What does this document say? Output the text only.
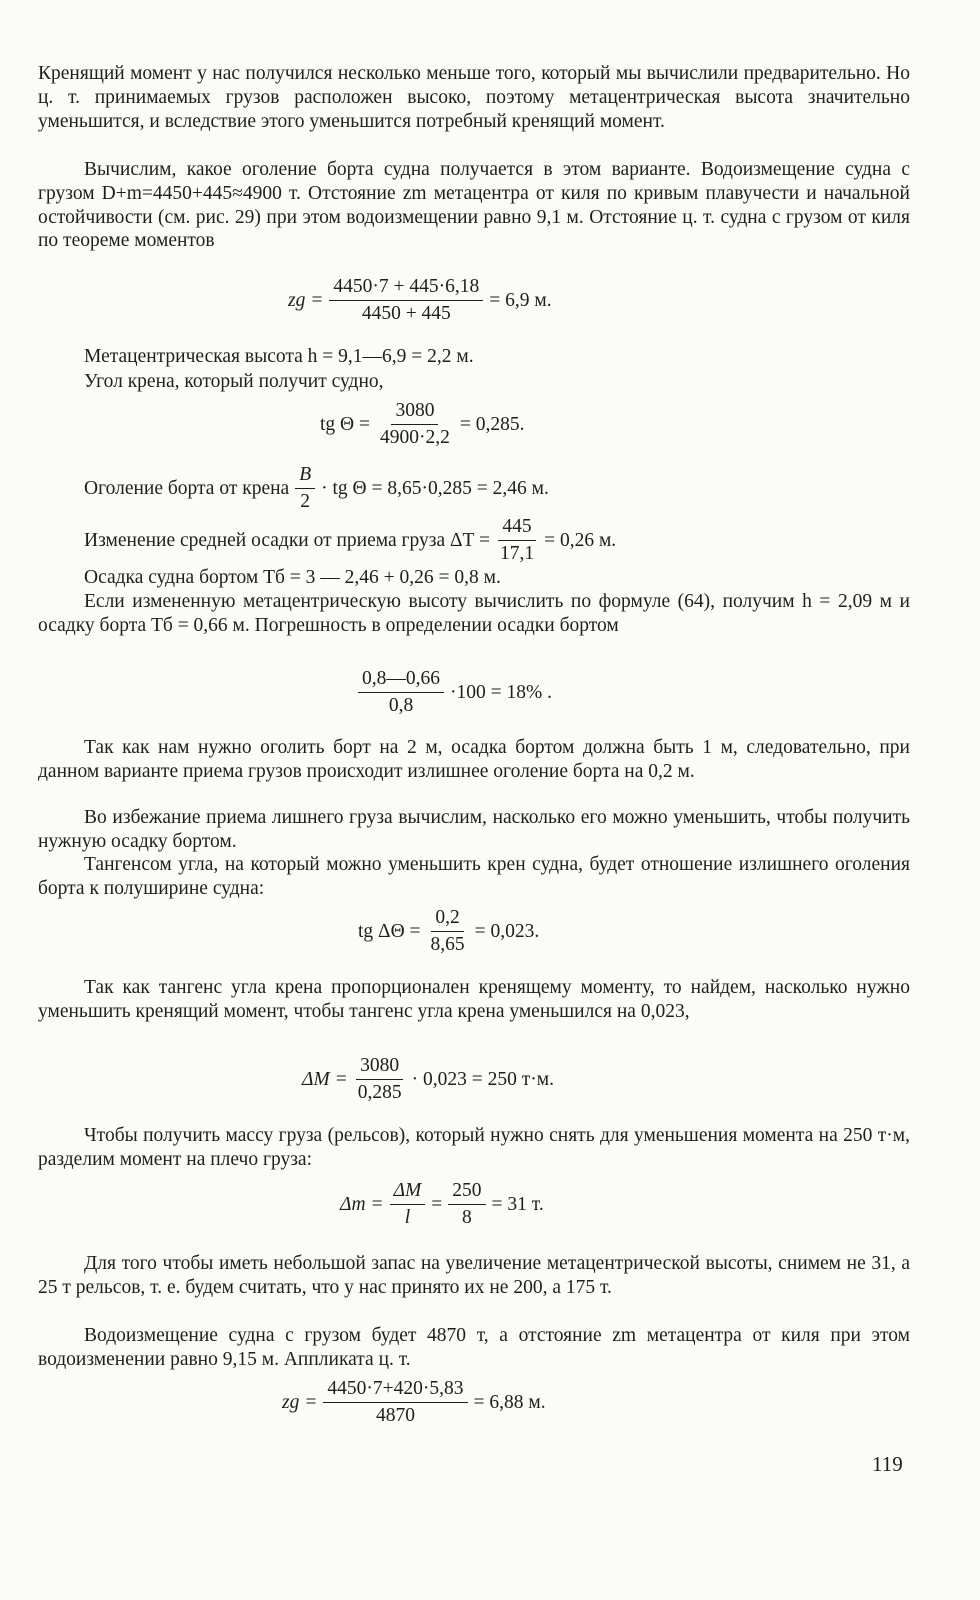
Кренящий момент у нас получился несколько меньше того, который мы вычислили предварительно. Но ц. т. принимаемых грузов расположен высоко, поэтому метацентрическая высота значительно уменьшится, и вследствие этого уменьшится потребный кренящий момент.

Вычислим, какое оголение борта судна получается в этом варианте. Водоизмещение судна с грузом D+m=4450+445≈4900 т. Отстояние zm метацентра от киля по кривым плавучести и начальной остойчивости (см. рис. 29) при этом водоизмещении равно 9,1 м. Отстояние ц. т. судна с грузом от киля по теореме моментов

zg = $\frac{4450\cdot 7 + 445\cdot 6,18}{4450 + 445} = 6,9$ м.

Метацентрическая высота h = 9,1—6,9 = 2,2 м.

Угол крена, который получит судно,

tg $\Theta = \frac{3080}{4900\cdot 2,2} = 0,285$.
Оголение борта от крена $\frac{B}{2}$ · tg Θ = 8,65·0,285 = 2,46 м.
Изменение средней осадки от приема груза $\Delta T = \frac{445}{17,1} = 0,26$ м.

Осадка судна бортом Tб = 3 — 2,46 + 0,26 = 0,8 м.

Если измененную метацентрическую высоту вычислить по формуле (64), получим h = 2,09 м и осадку борта Tб = 0,66 м. Погрешность в определении осадки бортом

$\frac{0,8—0,66}{0,8} \cdot 100 = 18\%$ .

Так как нам нужно оголить борт на 2 м, осадка бортом должна быть 1 м, следовательно, при данном варианте приема грузов происходит излишнее оголение борта на 0,2 м.

Во избежание приема лишнего груза вычислим, насколько его можно уменьшить, чтобы получить нужную осадку бортом.

Тангенсом угла, на который можно уменьшить крен судна, будет отношение излишнего оголения борта к полуширине судна:

tg $\Delta\Theta = \frac{0,2}{8,65} = 0,023$.

Так как тангенс угла крена пропорционален кренящему моменту, то найдем, насколько нужно уменьшить кренящий момент, чтобы тангенс угла крена уменьшился на 0,023,

$\Delta M = \frac{3080}{0,285} \cdot 0,023 = 250$ т·м.

Чтобы получить массу груза (рельсов), который нужно снять для уменьшения момента на 250 т·м, разделим момент на плечо груза:

$\Delta m = \frac{\Delta M}{l} = \frac{250}{8} = 31$ т.

Для того чтобы иметь небольшой запас на увеличение метацентрической высоты, снимем не 31, а 25 т рельсов, т. е. будем считать, что у нас принято их не 200, а 175 т.

Водоизмещение судна с грузом будет 4870 т, а отстояние zm метацентра от киля при этом водоизменении равно 9,15 м. Аппликата ц. т.

zg = $\frac{4450\cdot 7+420\cdot 5,83}{4870} = 6,88$ м.
119
